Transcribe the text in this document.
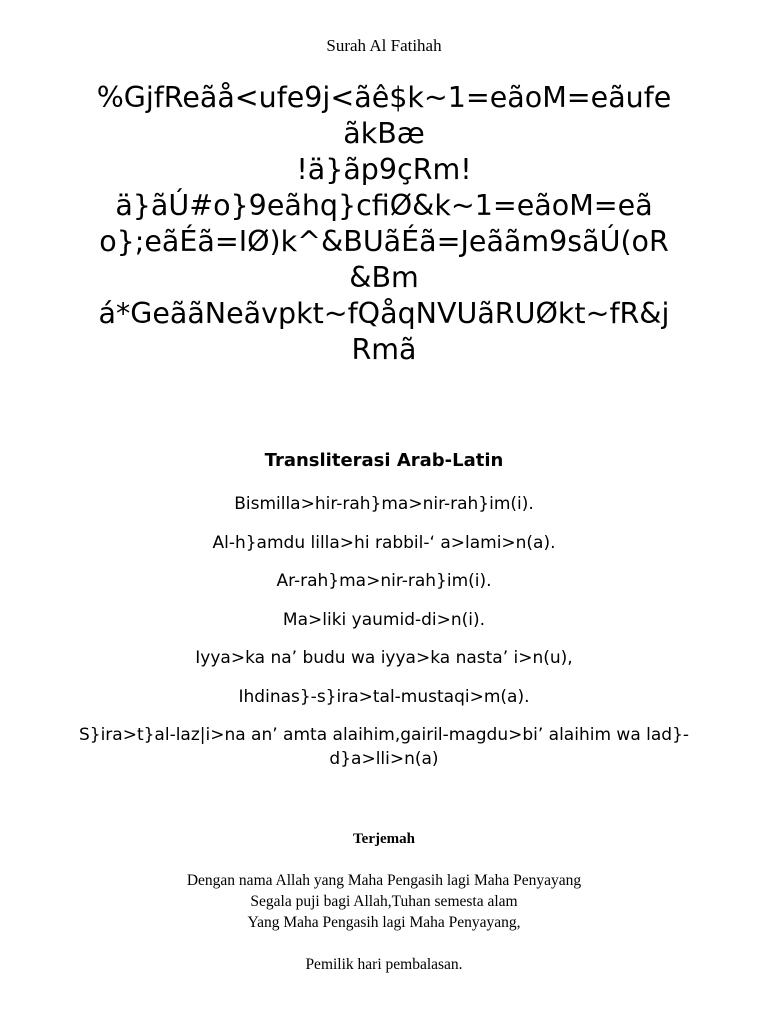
Surah Al Fatihah
%GjfReãå<ufe9j<ãê$k~1=eãoM=eãufe
ãkBæ
!ä}ãp9çRm!
ä}ãÚ#o}9eãhq}cfiØ&k~1=eãoM=eã
o};eãÉã=IØ)k^&BUãÉã=Jeããm9sãÚ(oR
&Bm
á*GeããNeãvpkt~fQåqNVUãRUØkt~fR&j
Rmã
Transliterasi Arab-Latin
Bismilla>hir-rah}ma>nir-rah}im(i).
Al-h}amdu lilla>hi rabbil-‘ a>lami>n(a).
Ar-rah}ma>nir-rah}im(i).
Ma>liki yaumid-di>n(i).
Iyya>ka na’ budu wa iyya>ka nasta’ i>n(u),
Ihdinas}-s}ira>tal-mustaqi>m(a).
S}ira>t}al-laz|i>na an’ amta alaihim,gairil-magdu>bi’ alaihim wa lad}-d}a>lli>n(a)
Terjemah
Dengan nama Allah yang Maha Pengasih lagi Maha Penyayang
Segala puji bagi Allah,Tuhan semesta alam
Yang Maha Pengasih lagi Maha Penyayang,
Pemilik hari pembalasan.
